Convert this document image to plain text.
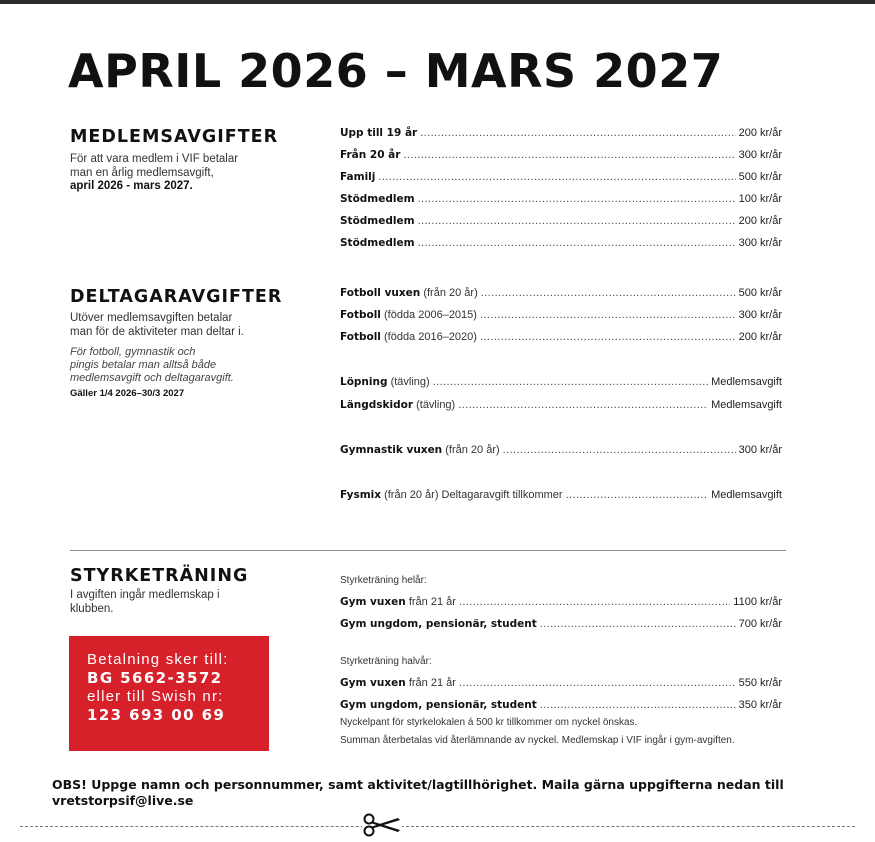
APRIL 2026 – MARS 2027
MEDLEMSAVGIFTER
För att vara medlem i VIF betalar
man en årlig medlemsavgift,
april 2026 - mars 2027.
Upp till 19 år .....	200 kr/år
Från 20 år .....	300 kr/år
Familj .....	500 kr/år
Stödmedlem .....	100 kr/år
Stödmedlem .....	200 kr/år
Stödmedlem .....	300 kr/år
DELTAGARAVGIFTER
Utöver medlemsavgiften betalar
man för de aktiviteter man deltar i.
För fotboll, gymnastik och
pingis betalar man alltså både
medlemsavgift och deltagaravgift.
Gäller 1/4 2026–30/3 2027
Fotboll vuxen (från 20 år) .....	500 kr/år
Fotboll (födda 2006–2015) .....	300 kr/år
Fotboll (födda 2016–2020) .....	200 kr/år
Löpning (tävling) .....	Medlemsavgift
Längdskidor (tävling) .....	Medlemsavgift
Gymnastik vuxen (från 20 år) .....	300 kr/år
Fysmix (från 20 år) Deltagaravgift tillkommer .....	Medlemsavgift
STYRKETRÄNING
I avgiften ingår medlemskap i
klubben.
Styrketräning helår:
Gym vuxen från 21 år .....	1100 kr/år
Gym ungdom, pensionär, student .....	700 kr/år
Styrketräning halvår:
Gym vuxen från 21 år .....	550 kr/år
Gym ungdom, pensionär, student .....	350 kr/år
Nyckelpant för styrkelokalen á 500 kr tillkommer om nyckel önskas.
Summan återbetalas vid återlämnande av nyckel. Medlemskap i VIF ingår i gym-avgiften.
Betalning sker till:
BG 5662-3572
eller till Swish nr:
123 693 00 69
OBS! Uppge namn och personnummer, samt aktivitet/lagtillhörighet. Maila gärna uppgifterna nedan till vretstorpsif@live.se
